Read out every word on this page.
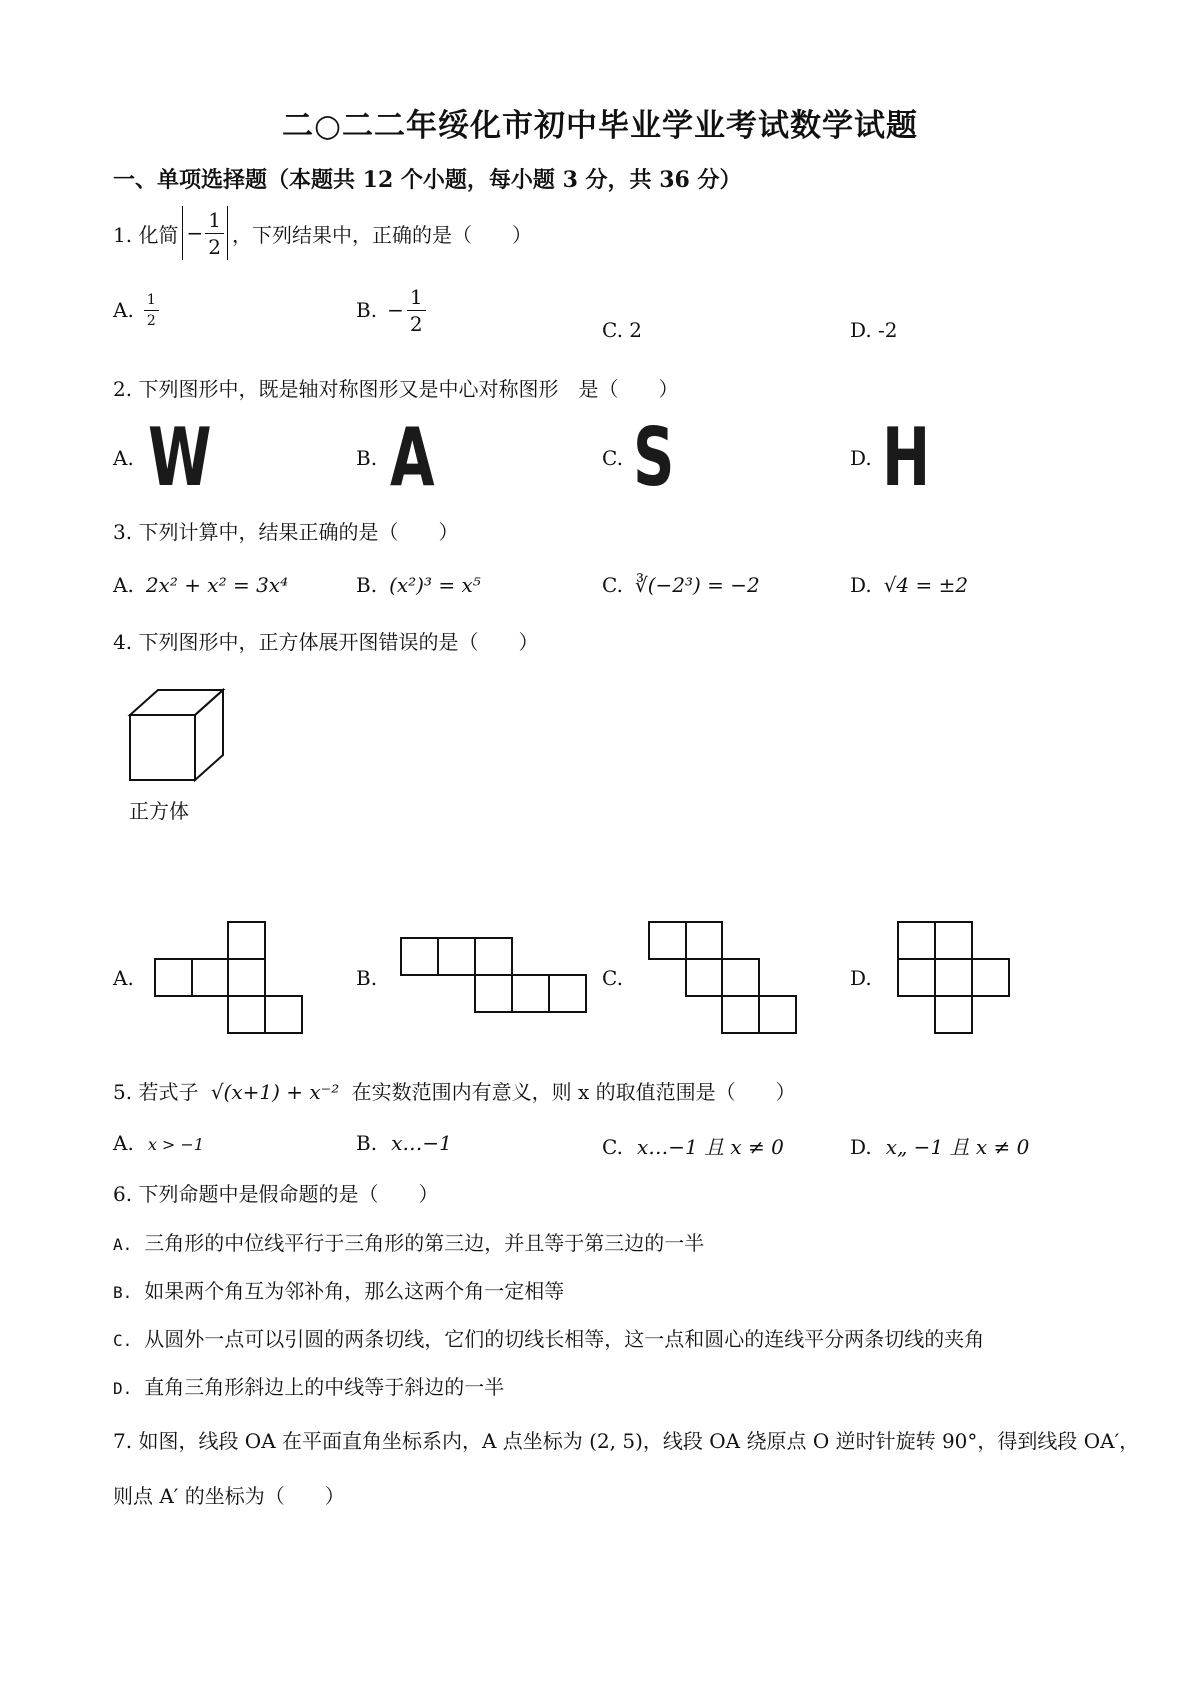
二○二二年绥化市初中毕业学业考试数学试题
一、单项选择题（本题共 12 个小题，每小题 3 分，共 36 分）
1. 化简 − $\frac{1}{2}$ ，下列结果中，正确的是（　　）
A. $\frac{1}{2}$	B. − $\frac{1}{2}$	C. 2	D. -2
2. 下列图形中，既是轴对称图形又是中心对称图形　是（　　）
A. W	B. A	C. S	D. H
3. 下列计算中，结果正确的是（　　）
A. 2x² + x² = 3x⁴	B. (x²)³ = x⁵	C. ∛(−2³) = −2	D. √4 = ±2
4. 下列图形中，正方体展开图错误的是（　　）
正方体
A.	B.	C.	D.
5. 若式子 √(x+1) + x⁻² 在实数范围内有意义，则 x 的取值范围是（　　）
A. x > −1	B. x…−1	C. x…−1 且 x ≠ 0	D. x„ −1 且 x ≠ 0
6. 下列命题中是假命题的是（　　）
A. 三角形的中位线平行于三角形的第三边，并且等于第三边的一半
B. 如果两个角互为邻补角，那么这两个角一定相等
C. 从圆外一点可以引圆的两条切线，它们的切线长相等，这一点和圆心的连线平分两条切线的夹角
D. 直角三角形斜边上的中线等于斜边的一半
7. 如图，线段 OA 在平面直角坐标系内，A 点坐标为 (2, 5)，线段 OA 绕原点 O 逆时针旋转 90°，得到线段 OA′，
则点 A′ 的坐标为（　　）
